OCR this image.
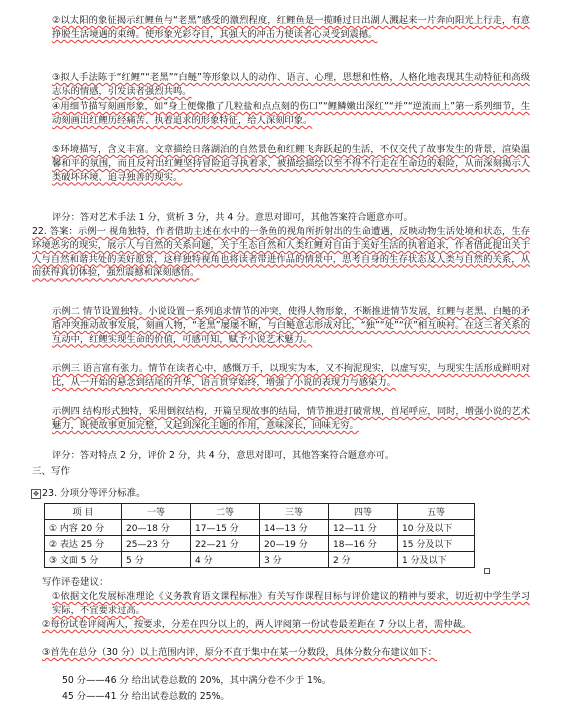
②以太阳的象征揭示红鲤鱼与“老黑”感受的激烈程度，红鲤鱼是一揽睡过日出湖人溅起来一片奔向阳光上行走，有意挣脱生活境遇的束缚。使形象光彩夺目，其强大的冲击力使读者心灵受到震撼。
③拟人手法陈于“红鲤”“老黑”“白鲢”等形象以人的动作、语言、心理，思想和性格，人格化地表现其生动特征和高级志乐的情感，引发读者强烈共鸣。
④用细节描写刻画形象，如“身上便像撒了几粒盐和点点刻的伤口”“鲤鳞嫩出深红”“并”“逆流而上”第一系列细节，生动刻画出红鲤历经痛苦、执着追求的形象特征，给人深刻印象。
⑤环境描写，含义丰富。文章描绘日落湖泊的自然景色和红鲤飞奔跃起的生活，不仅交代了故事发生的背景，渲染温馨和平的氛围，而且反衬出红鲤坚持冒险追寻执着求，被描绘描绘以至不得不行走在生命边的艰险，从而深刻揭示人类破坏环境、追寻独善的现实。
评分：答对艺术手法 1 分，赏析 3 分，共 4 分。意思对即可，其他答案符合题意亦可。
22. 答案：示例一 视角独特，作者借助主述在水中的一条鱼的视角所折射出的生命遭遇，反映动物生活处境和状态，生存环境恶劣的现实，展示人与自然的关系问题，关于生态自然和人类红鲤对自由于美好生活的执着追求，作者借此提出关于人与自然和谐共处的美好愿景，这样独特视角也将读者带进作品的情景中，思考自身的生存状态及人类与自然的关系，从而获得真切体验，强烈震撼和深刻感悟。
示例二 情节设置独特。小说设置一系列追求情节的冲突，使得人物形象，不断推进情节发展，红鲤与老黑、白鲢的矛盾冲突推动故事发展，刻画人物，“老黑”屡屡不断，与白鲢意志形成对比，“独”“处”“伏”相互映衬。在这三者关系的互动中，红鲤实现生命的价值，可感可知，赋予小说艺术魅力。
示例三 语言富有张力。情节在读者心中，感慨万千，以现实为本，又不拘泥现实，以虚写实，与现实生活形成鲜明对比，从一开始的悬念到结尾的升华，语言贯穿始终，增强了小说的表现力与感染力。
示例四 结构形式独特，采用倒叙结构，开篇呈现故事的结局，情节推进打破常规，首尾呼应，同时，增强小说的艺术魅力，既使故事更加完整，又起到深化主题的作用，意味深长，回味无穷。
评分：答对特点 2 分，评价 2 分，共 4 分，意思对即可，其他答案符合题意亦可。
三、写作
✥ 23. 分项分等评分标准。
项 目	一等	二等	三等	四等	五等
① 内容 20 分	20—18 分	17—15 分	14—13 分	12—11 分	10 分及以下
② 表达 25 分	25—23 分	22—21 分	20—19 分	18—16 分	15 分及以下
③ 文面 5 分	5 分	4 分	3 分	2 分	1 分及以下
写作评卷建议：
①依据文化发展标准理论《义务教育语文课程标准》有关写作课程目标与评价建议的精神与要求，切近初中学生学习实际，不宜要求过高。
②每份试卷评阅两人，按要求，分差在四分以上的，两人评阅第一份试卷最差距在 7 分以上者，需仲裁。
③首先在总分（30 分）以上范围内评，原分不直于集中在某一分数段，具体分数分布建议如下：
50 分——46 分 给出试卷总数的 20%，其中满分卷不少于 1%。
45 分——41 分 给出试卷总数的 25%。
